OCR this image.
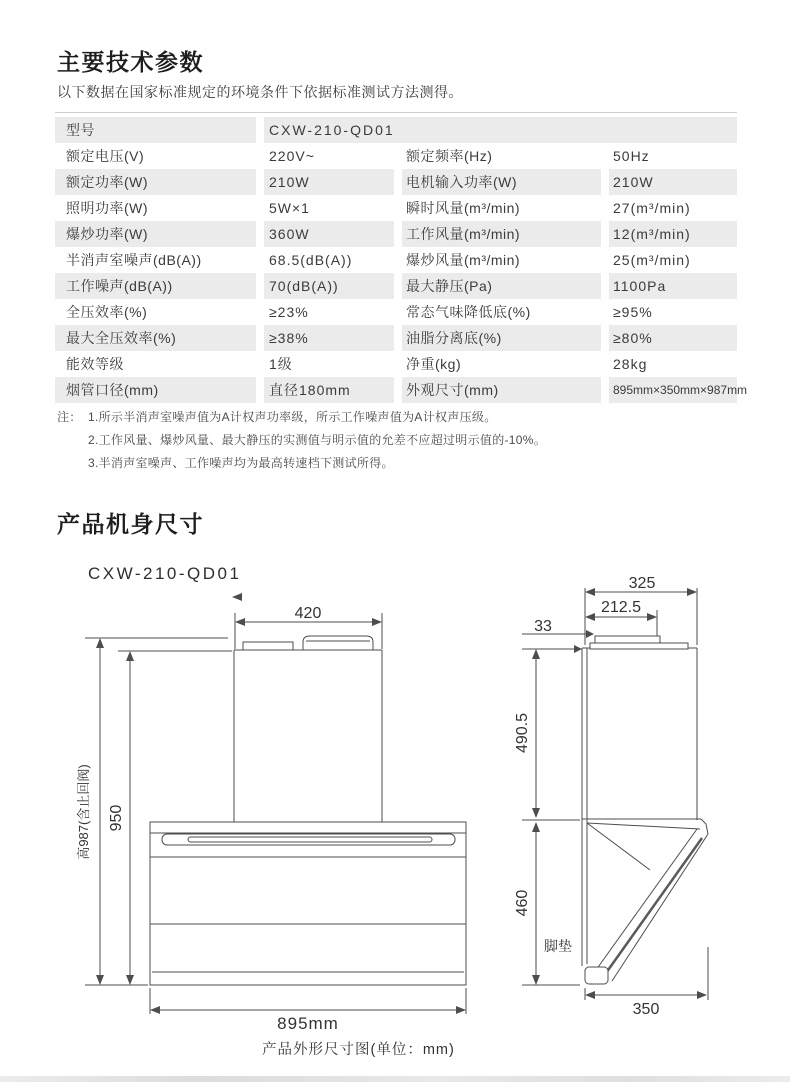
主要技术参数
以下数据在国家标准规定的环境条件下依据标准测试方法测得。
型号	CXW-210-QD01
额定电压(V)	220V~	额定频率(Hz)	50Hz
额定功率(W)	210W	电机输入功率(W)	210W
照明功率(W)	5W×1	瞬时风量(m³/min)	27(m³/min)
爆炒功率(W)	360W	工作风量(m³/min)	12(m³/min)
半消声室噪声(dB(A))	68.5(dB(A))	爆炒风量(m³/min)	25(m³/min)
工作噪声(dB(A))	70(dB(A))	最大静压(Pa)	1100Pa
全压效率(%)	≥23%	常态气味降低底(%)	≥95%
最大全压效率(%)	≥38%	油脂分离底(%)	≥80%
能效等级	1级	净重(kg)	28kg
烟管口径(mm)	直径180mm	外观尺寸(mm)	895mm×350mm×987mm
注： 1.所示半消声室噪声值为A计权声功率级，所示工作噪声值为A计权声压级。
2.工作风量、爆炒风量、最大静压的实测值与明示值的允差不应超过明示值的-10%。
3.半消声室噪声、工作噪声均为最高转速档下测试所得。
产品机身尺寸
CXW-210-QD01
高987(含止回阀) 950
420
895mm
325
212.5
33
490.5
460
脚垫
350
产品外形尺寸图(单位：mm)
